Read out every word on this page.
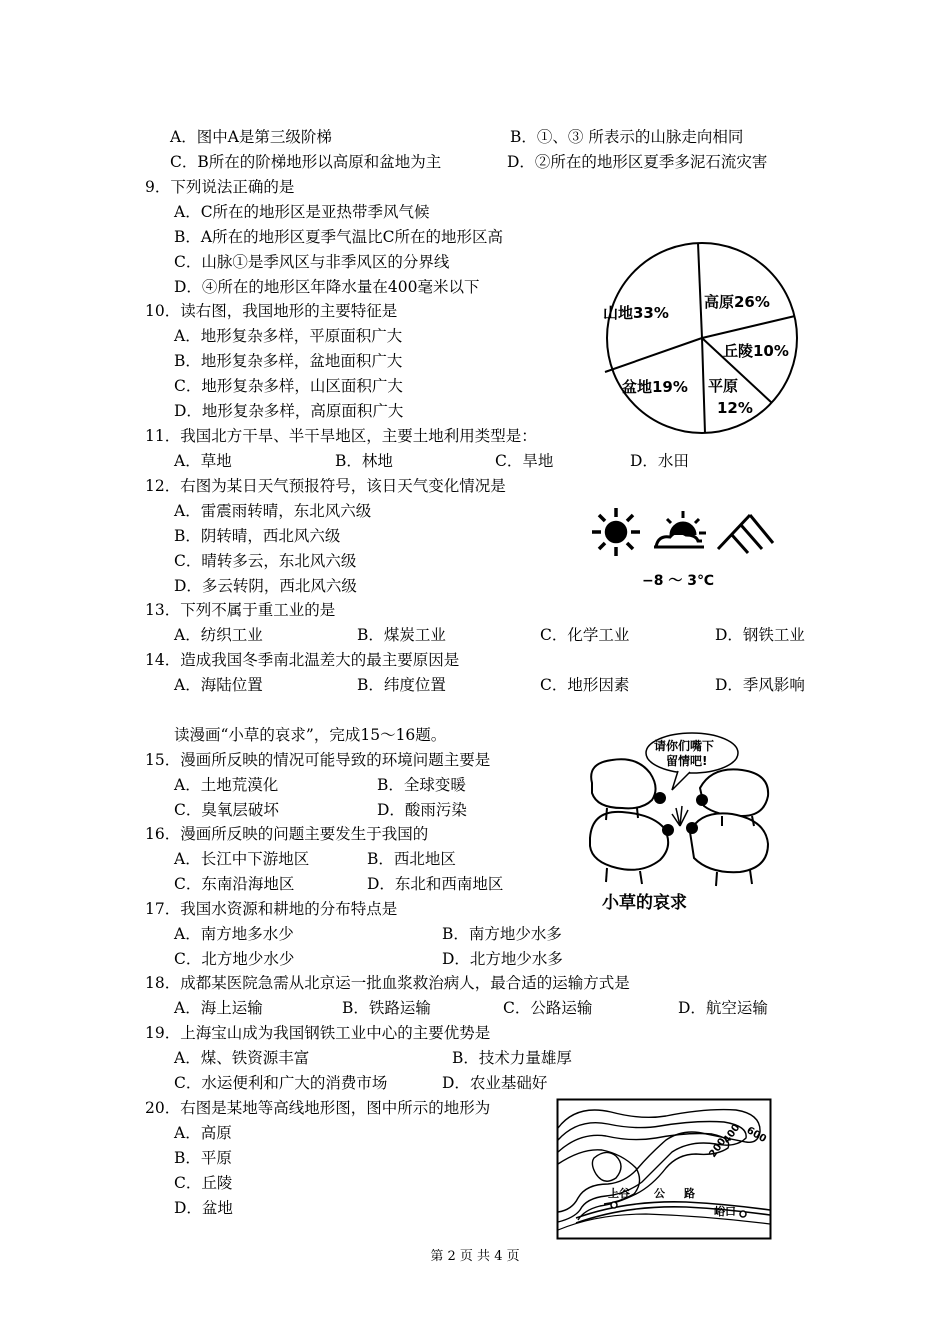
A．图中A是第三级阶梯	B．①、③ 所表示的山脉走向相同
C．B所在的阶梯地形以高原和盆地为主	D．②所在的地形区夏季多泥石流灾害
9．下列说法正确的是
A．C所在的地形区是亚热带季风气候
B．A所在的地形区夏季气温比C所在的地形区高
C．山脉①是季风区与非季风区的分界线
D．④所在的地形区年降水量在400毫米以下
10．读右图，我国地形的主要特征是
A．地形复杂多样，平原面积广大
B．地形复杂多样，盆地面积广大
C．地形复杂多样，山区面积广大
D．地形复杂多样，高原面积广大
山地33%
高原26%
丘陵10%
平原
12%
盆地19%
11．我国北方干旱、半干旱地区，主要土地利用类型是：
A．草地	B．林地	C．旱地	D．水田
12．右图为某日天气预报符号，该日天气变化情况是
A．雷震雨转晴，东北风六级
B．阴转晴，西北风六级
C．晴转多云，东北风六级
D．多云转阴，西北风六级	−8 ～ 3℃
13．下列不属于重工业的是
A．纺织工业	B．煤炭工业	C．化学工业	D．钢铁工业
14．造成我国冬季南北温差大的最主要原因是
A．海陆位置	B．纬度位置	C．地形因素	D．季风影响
读漫画“小草的哀求”，完成15～16题。
15．漫画所反映的情况可能导致的环境问题主要是
A．土地荒漠化	B．全球变暖
C．臭氧层破坏	D．酸雨污染
16．漫画所反映的问题主要发生于我国的
A．长江中下游地区	B．西北地区
C．东南沿海地区	D．东北和西南地区
请你们嘴下
留情吧!
小草的哀求
17．我国水资源和耕地的分布特点是
A．南方地多水少	B．南方地少水多
C．北方地少水少	D．北方地少水多
18．成都某医院急需从北京运一批血浆救治病人，最合适的运输方式是
A．海上运输	B．铁路运输	C．公路运输	D．航空运输
19．上海宝山成为我国钢铁工业中心的主要优势是
A．煤、铁资源丰富	B．技术力量雄厚
C．水运便利和广大的消费市场	D．农业基础好
20．右图是某地等高线地形图，图中所示的地形为
A．高原
B．平原
C．丘陵
D．盆地
600
400
200
上谷 公 路
峪口
第 2 页 共 4 页
